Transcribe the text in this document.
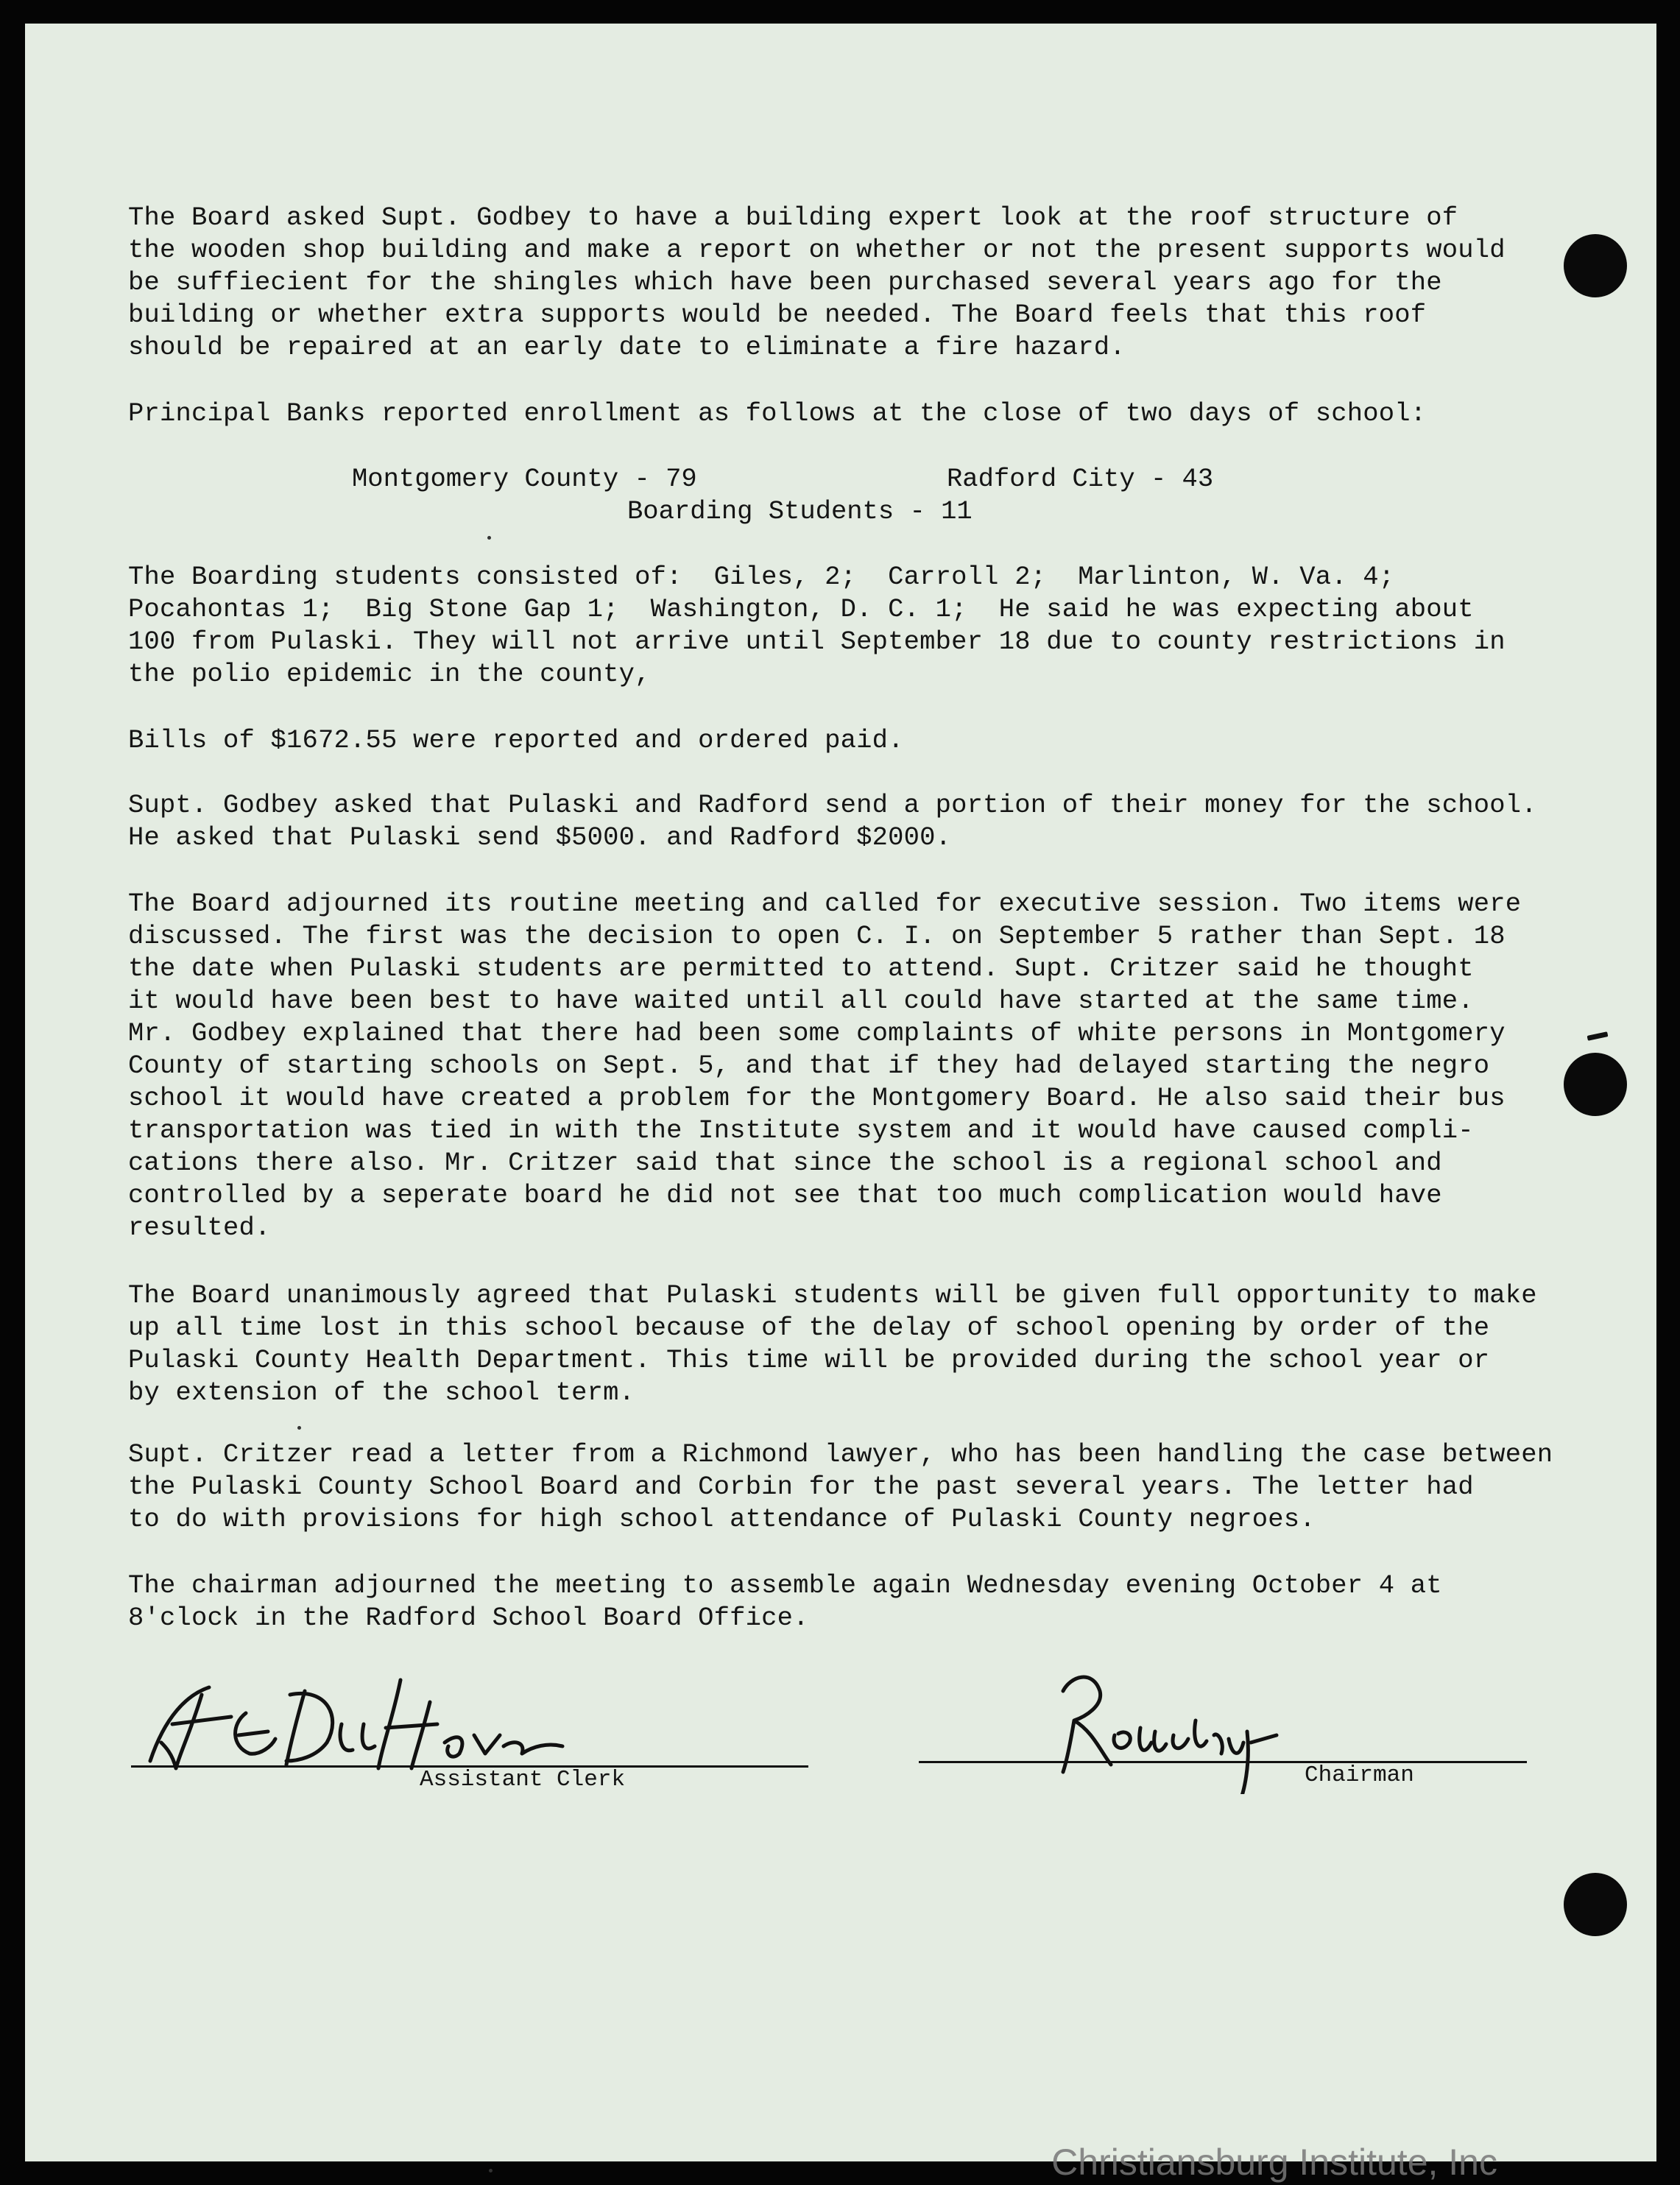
The Board asked Supt. Godbey to have a building expert look at the roof structure of
the wooden shop building and make a report on whether or not the present supports would
be suffiecient for the shingles which have been purchased several years ago for the
building or whether extra supports would be needed. The Board feels that this roof
should be repaired at an early date to eliminate a fire hazard.
Principal Banks reported enrollment as follows at the close of two days of school:
Montgomery County - 79	Radford City - 43
Boarding Students - 11
The Boarding students consisted of:  Giles, 2;  Carroll 2;  Marlinton, W. Va. 4;
Pocahontas 1;  Big Stone Gap 1;  Washington, D. C. 1;  He said he was expecting about
100 from Pulaski. They will not arrive until September 18 due to county restrictions in
the polio epidemic in the county,
Bills of $1672.55 were reported and ordered paid.
Supt. Godbey asked that Pulaski and Radford send a portion of their money for the school.
He asked that Pulaski send $5000. and Radford $2000.
The Board adjourned its routine meeting and called for executive session. Two items were
discussed. The first was the decision to open C. I. on September 5 rather than Sept. 18
the date when Pulaski students are permitted to attend. Supt. Critzer said he thought
it would have been best to have waited until all could have started at the same time.
Mr. Godbey explained that there had been some complaints of white persons in Montgomery
County of starting schools on Sept. 5, and that if they had delayed starting the negro
school it would have created a problem for the Montgomery Board. He also said their bus
transportation was tied in with the Institute system and it would have caused compli-
cations there also. Mr. Critzer said that since the school is a regional school and
controlled by a seperate board he did not see that too much complication would have
resulted.
The Board unanimously agreed that Pulaski students will be given full opportunity to make
up all time lost in this school because of the delay of school opening by order of the
Pulaski County Health Department. This time will be provided during the school year or
by extension of the school term.
Supt. Critzer read a letter from a Richmond lawyer, who has been handling the case between
the Pulaski County School Board and Corbin for the past several years. The letter had
to do with provisions for high school attendance of Pulaski County negroes.
The chairman adjourned the meeting to assemble again Wednesday evening October 4 at
8'clock in the Radford School Board Office.
Assistant Clerk	Chairman
Christiansburg Institute, Inc
